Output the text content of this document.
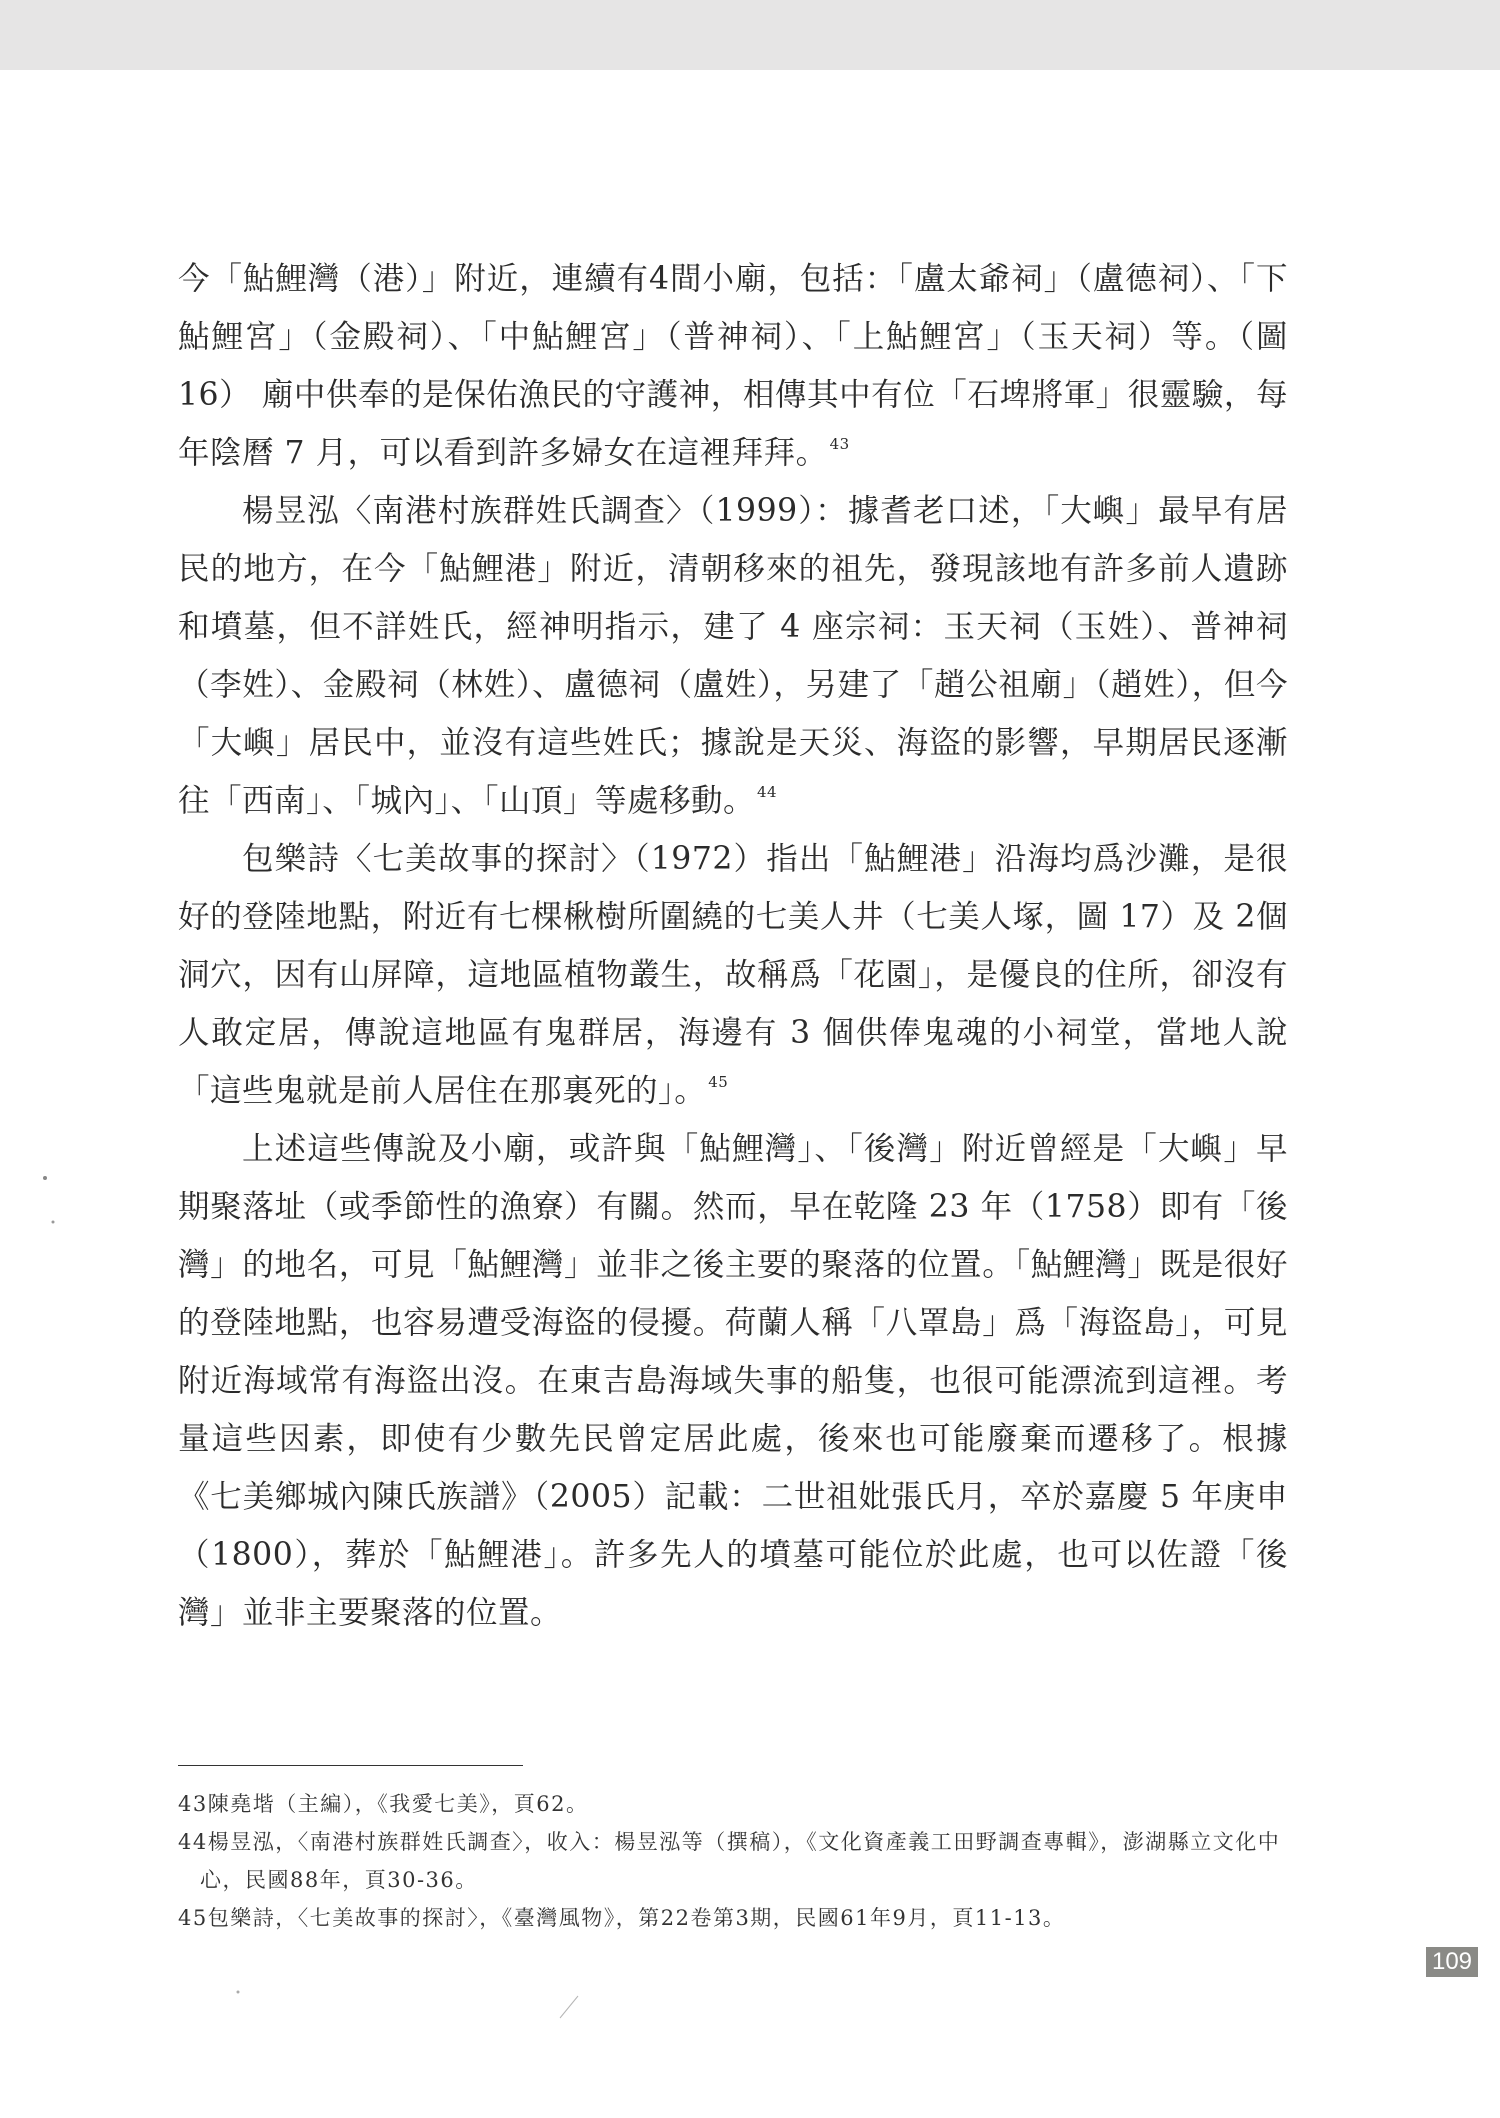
今「鮎鯉灣（港）」附近，連續有4間小廟，包括：「盧太爺祠」（盧德祠）、「下鮎鯉宮」（金殿祠）、「中鮎鯉宮」（普神祠）、「上鮎鯉宮」（玉天祠）等。（圖 16） 廟中供奉的是保佑漁民的守護神，相傳其中有位「石埤將軍」很靈驗，每年陰曆 7 月，可以看到許多婦女在這裡拜拜。 $^{43}$

楊昱泓〈南港村族群姓氏調查〉（1999）：據耆老口述，「大嶼」最早有居民的地方，在今「鮎鯉港」附近，清朝移來的祖先，發現該地有許多前人遺跡和墳墓，但不詳姓氏，經神明指示，建了 4 座宗祠：玉天祠（玉姓）、普神祠（李姓）、金殿祠（林姓）、盧德祠（盧姓），另建了「趙公祖廟」（趙姓），但今「大嶼」居民中，並沒有這些姓氏；據說是天災、海盜的影響，早期居民逐漸往「西南」、「城內」、「山頂」等處移動。 $^{44}$

包樂詩〈七美故事的探討〉（1972）指出「鮎鯉港」沿海均爲沙灘，是很好的登陸地點，附近有七棵楸樹所圍繞的七美人井（七美人塚，圖 17）及 2個洞穴，因有山屏障，這地區植物叢生，故稱爲「花園」，是優良的住所，卻沒有人敢定居，傳說這地區有鬼群居，海邊有 3 個供俸鬼魂的小祠堂，當地人說「這些鬼就是前人居住在那裏死的」。 $^{45}$

上述這些傳說及小廟，或許與「鮎鯉灣」、「後灣」附近曾經是「大嶼」早期聚落址（或季節性的漁寮）有關。然而，早在乾隆 23 年（1758）即有「後灣」的地名，可見「鮎鯉灣」並非之後主要的聚落的位置。「鮎鯉灣」既是很好的登陸地點，也容易遭受海盜的侵擾。荷蘭人稱「八罩島」爲「海盜島」，可見附近海域常有海盜出沒。在東吉島海域失事的船隻，也很可能漂流到這裡。考量這些因素，即使有少數先民曾定居此處，後來也可能廢棄而遷移了。根據《七美鄉城內陳氏族譜》（2005）記載：二世祖妣張氏月，卒於嘉慶 5 年庚申（1800），葬於「鮎鯉港」。許多先人的墳墓可能位於此處，也可以佐證「後灣」並非主要聚落的位置。

43陳堯堦（主編），《我愛七美》，頁62。

44楊昱泓，〈南港村族群姓氏調查〉，收入：楊昱泓等（撰稿），《文化資產義工田野調查專輯》，澎湖縣立文化中心，民國88年，頁30-36。

45包樂詩，〈七美故事的探討〉，《臺灣風物》，第22卷第3期，民國61年9月，頁11-13。

109
